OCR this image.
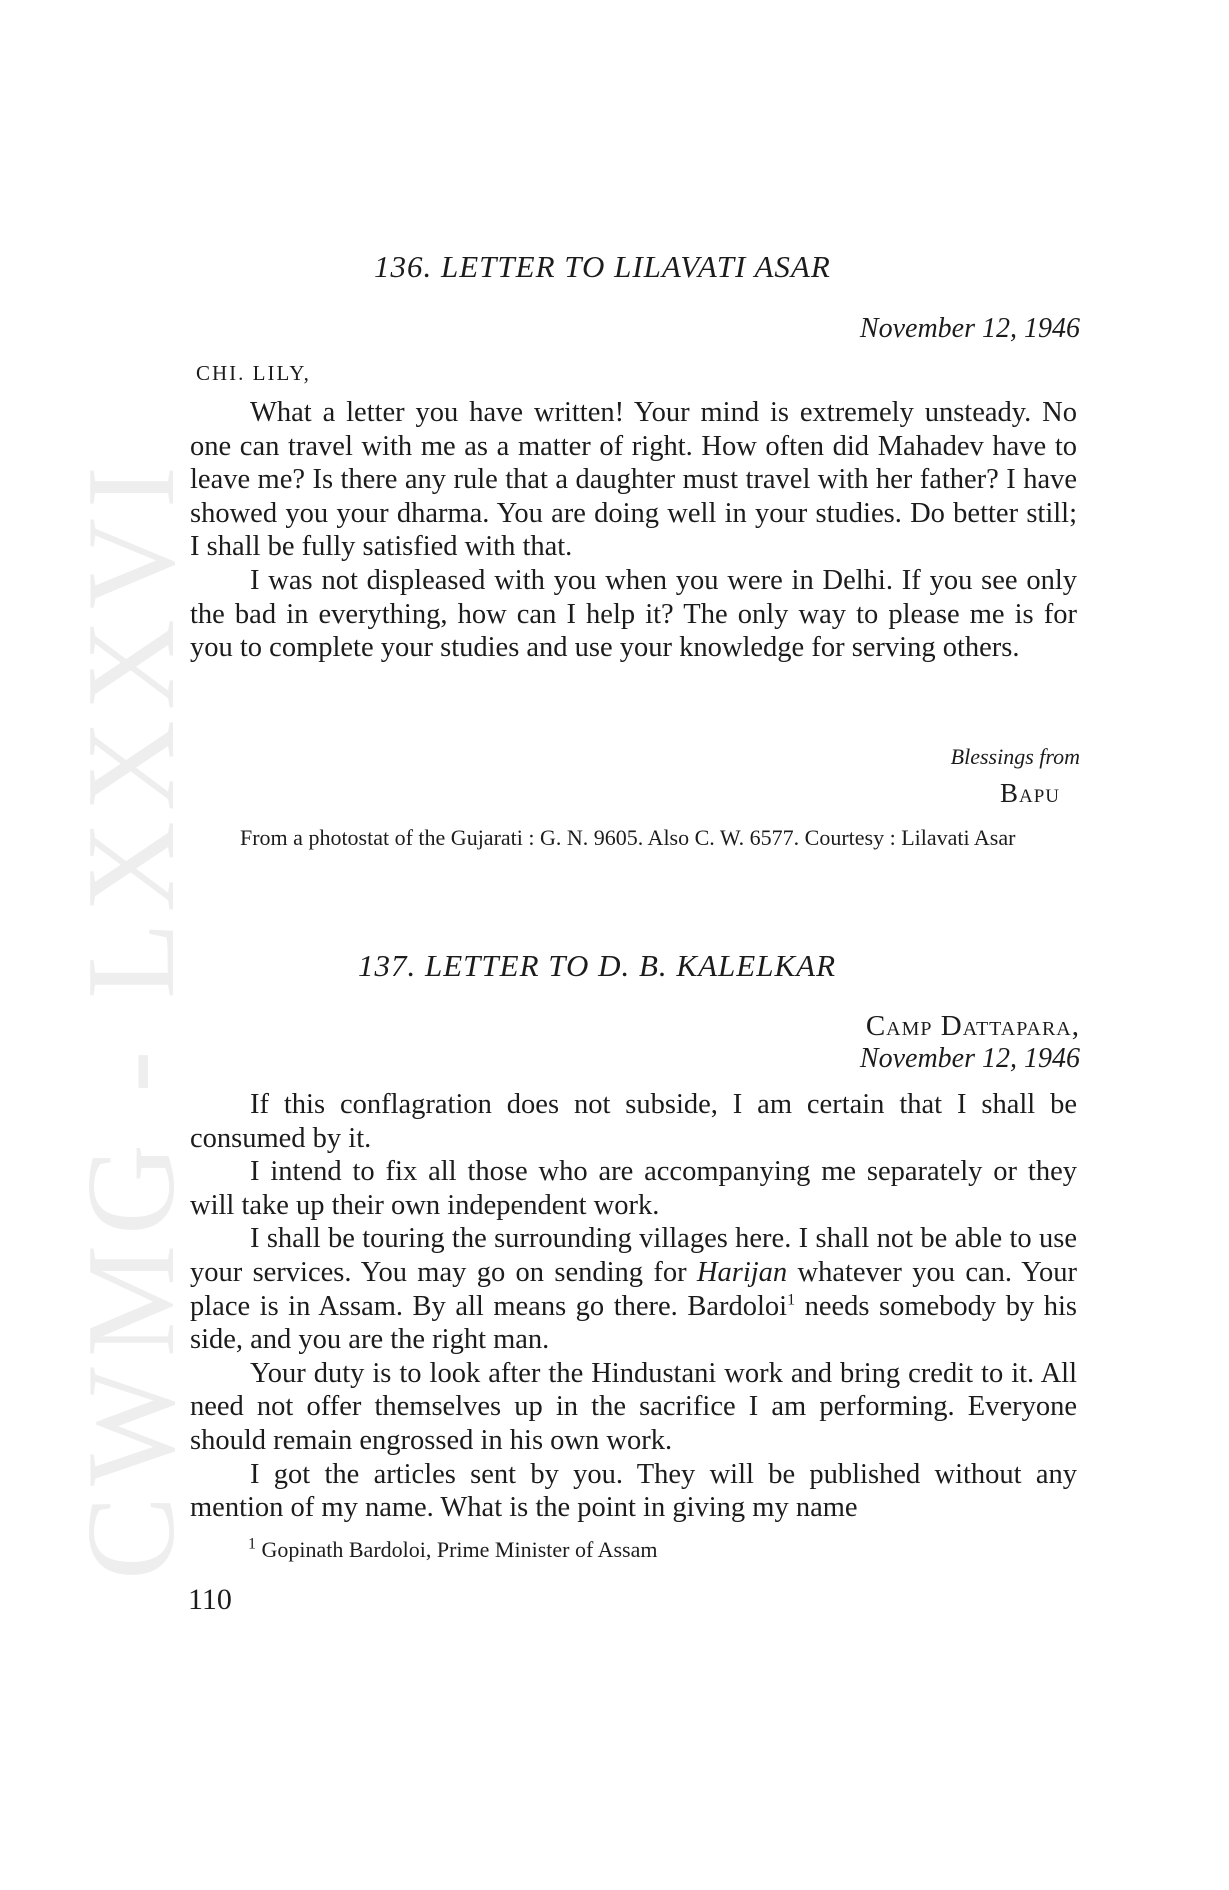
CWMG - LXXXVI
136. LETTER TO LILAVATI ASAR
November 12, 1946
CHI. LILY,

What a letter you have written! Your mind is extremely unsteady. No one can travel with me as a matter of right. How often did Mahadev have to leave me? Is there any rule that a daughter must travel with her father? I have showed you your dharma. You are doing well in your studies. Do better still; I shall be fully satisfied with that.

I was not displeased with you when you were in Delhi. If you see only the bad in everything, how can I help it? The only way to please me is for you to complete your studies and use your knowledge for serving others.

Blessings from
Bapu

From a photostat of the Gujarati : G. N. 9605. Also C. W. 6577. Courtesy : Lilavati Asar

137. LETTER TO D. B. KALELKAR
Camp Dattapara,
November 12, 1946

If this conflagration does not subside, I am certain that I shall be consumed by it.

I intend to fix all those who are accompanying me separately or they will take up their own independent work.

I shall be touring the surrounding villages here. I shall not be able to use your services. You may go on sending for Harijan whatever you can. Your place is in Assam. By all means go there. Bardoloi$^1$ needs somebody by his side, and you are the right man.

Your duty is to look after the Hindustani work and bring credit to it. All need not offer themselves up in the sacrifice I am performing. Everyone should remain engrossed in his own work.

I got the articles sent by you. They will be published without any mention of my name. What is the point in giving my name

$^1$ Gopinath Bardoloi, Prime Minister of Assam
110
